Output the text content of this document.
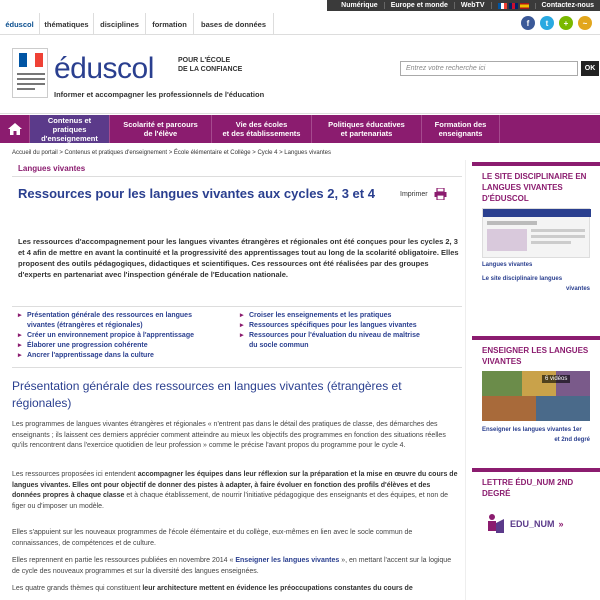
Numérique	Europe et monde	WebTV	Contactez-nous
éduscol	thématiques	disciplines	formation	bases de données	f	t	+	~
éduscol	POUR L'ÉCOLE
DE LA CONFIANCE
Informer et accompagner les professionnels de l'éducation
Entrez votre recherche ici	OK
Contenus et pratiques
d'enseignement
Scolarité et parcours
de l'élève
Vie des écoles
et des établissements
Politiques éducatives
et partenariats
Formation des
enseignants
Accueil du portail > Contenus et pratiques d'enseignement > École élémentaire et Collège > Cycle 4 > Langues vivantes
Langues vivantes
Ressources pour les langues vivantes aux cycles 2, 3 et 4	Imprimer
Les ressources d'accompagnement pour les langues vivantes étrangères et régionales ont été conçues pour les cycles 2, 3 et 4 afin de mettre en avant la continuité et la progressivité des apprentissages tout au long de la scolarité obligatoire. Elles proposent des outils pédagogiques, didactiques et scientifiques. Ces ressources ont été réalisées par des groupes d'experts en partenariat avec l'inspection générale de l'Education nationale.
▸ Présentation générale des ressources en langues
vivantes (étrangères et régionales)
▸ Créer un environnement propice à l'apprentissage
▸ Élaborer une progression cohérente
▸ Ancrer l'apprentissage dans la culture
▸ Croiser les enseignements et les pratiques
▸ Ressources spécifiques pour les langues vivantes
▸ Ressources pour l'évaluation du niveau de maîtrise
du socle commun
Présentation générale des ressources en langues vivantes (étrangères et régionales)
Les programmes de langues vivantes étrangères et régionales « n'entrent pas dans le détail des pratiques de classe, des démarches des enseignants ; ils laissent ces derniers apprécier comment atteindre au mieux les objectifs des programmes en fonction des situations réelles qu'ils rencontrent dans l'exercice quotidien de leur profession » comme le précise l'avant propos du programme pour le cycle 4.
Les ressources proposées ici entendent accompagner les équipes dans leur réflexion sur la préparation et la mise en œuvre du cours de langues vivantes. Elles ont pour objectif de donner des pistes à adapter, à faire évoluer en fonction des profils d'élèves et des données propres à chaque classe et à chaque établissement, de nourrir l'initiative pédagogique des enseignants et des équipes, et non de figer ou d'imposer un modèle.
Elles s'appuient sur les nouveaux programmes de l'école élémentaire et du collège, eux-mêmes en lien avec le socle commun de connaissances, de compétences et de culture.
Elles reprennent en partie les ressources publiées en novembre 2014 « Enseigner les langues vivantes », en mettant l'accent sur la logique de cycle des nouveaux programmes et sur la diversité des langues enseignées.
Les quatre grands thèmes qui constituent leur architecture mettent en évidence les préoccupations constantes du cours de
LE SITE DISCIPLINAIRE EN LANGUES VIVANTES D'ÉDUSCOL
Langues vivantes
Le site disciplinaire langues
vivantes
ENSEIGNER LES LANGUES VIVANTES
6 vidéos
Enseigner les langues vivantes 1er
et 2nd degré
LETTRE ÉDU_NUM 2ND DEGRÉ
EDU_NUM »
